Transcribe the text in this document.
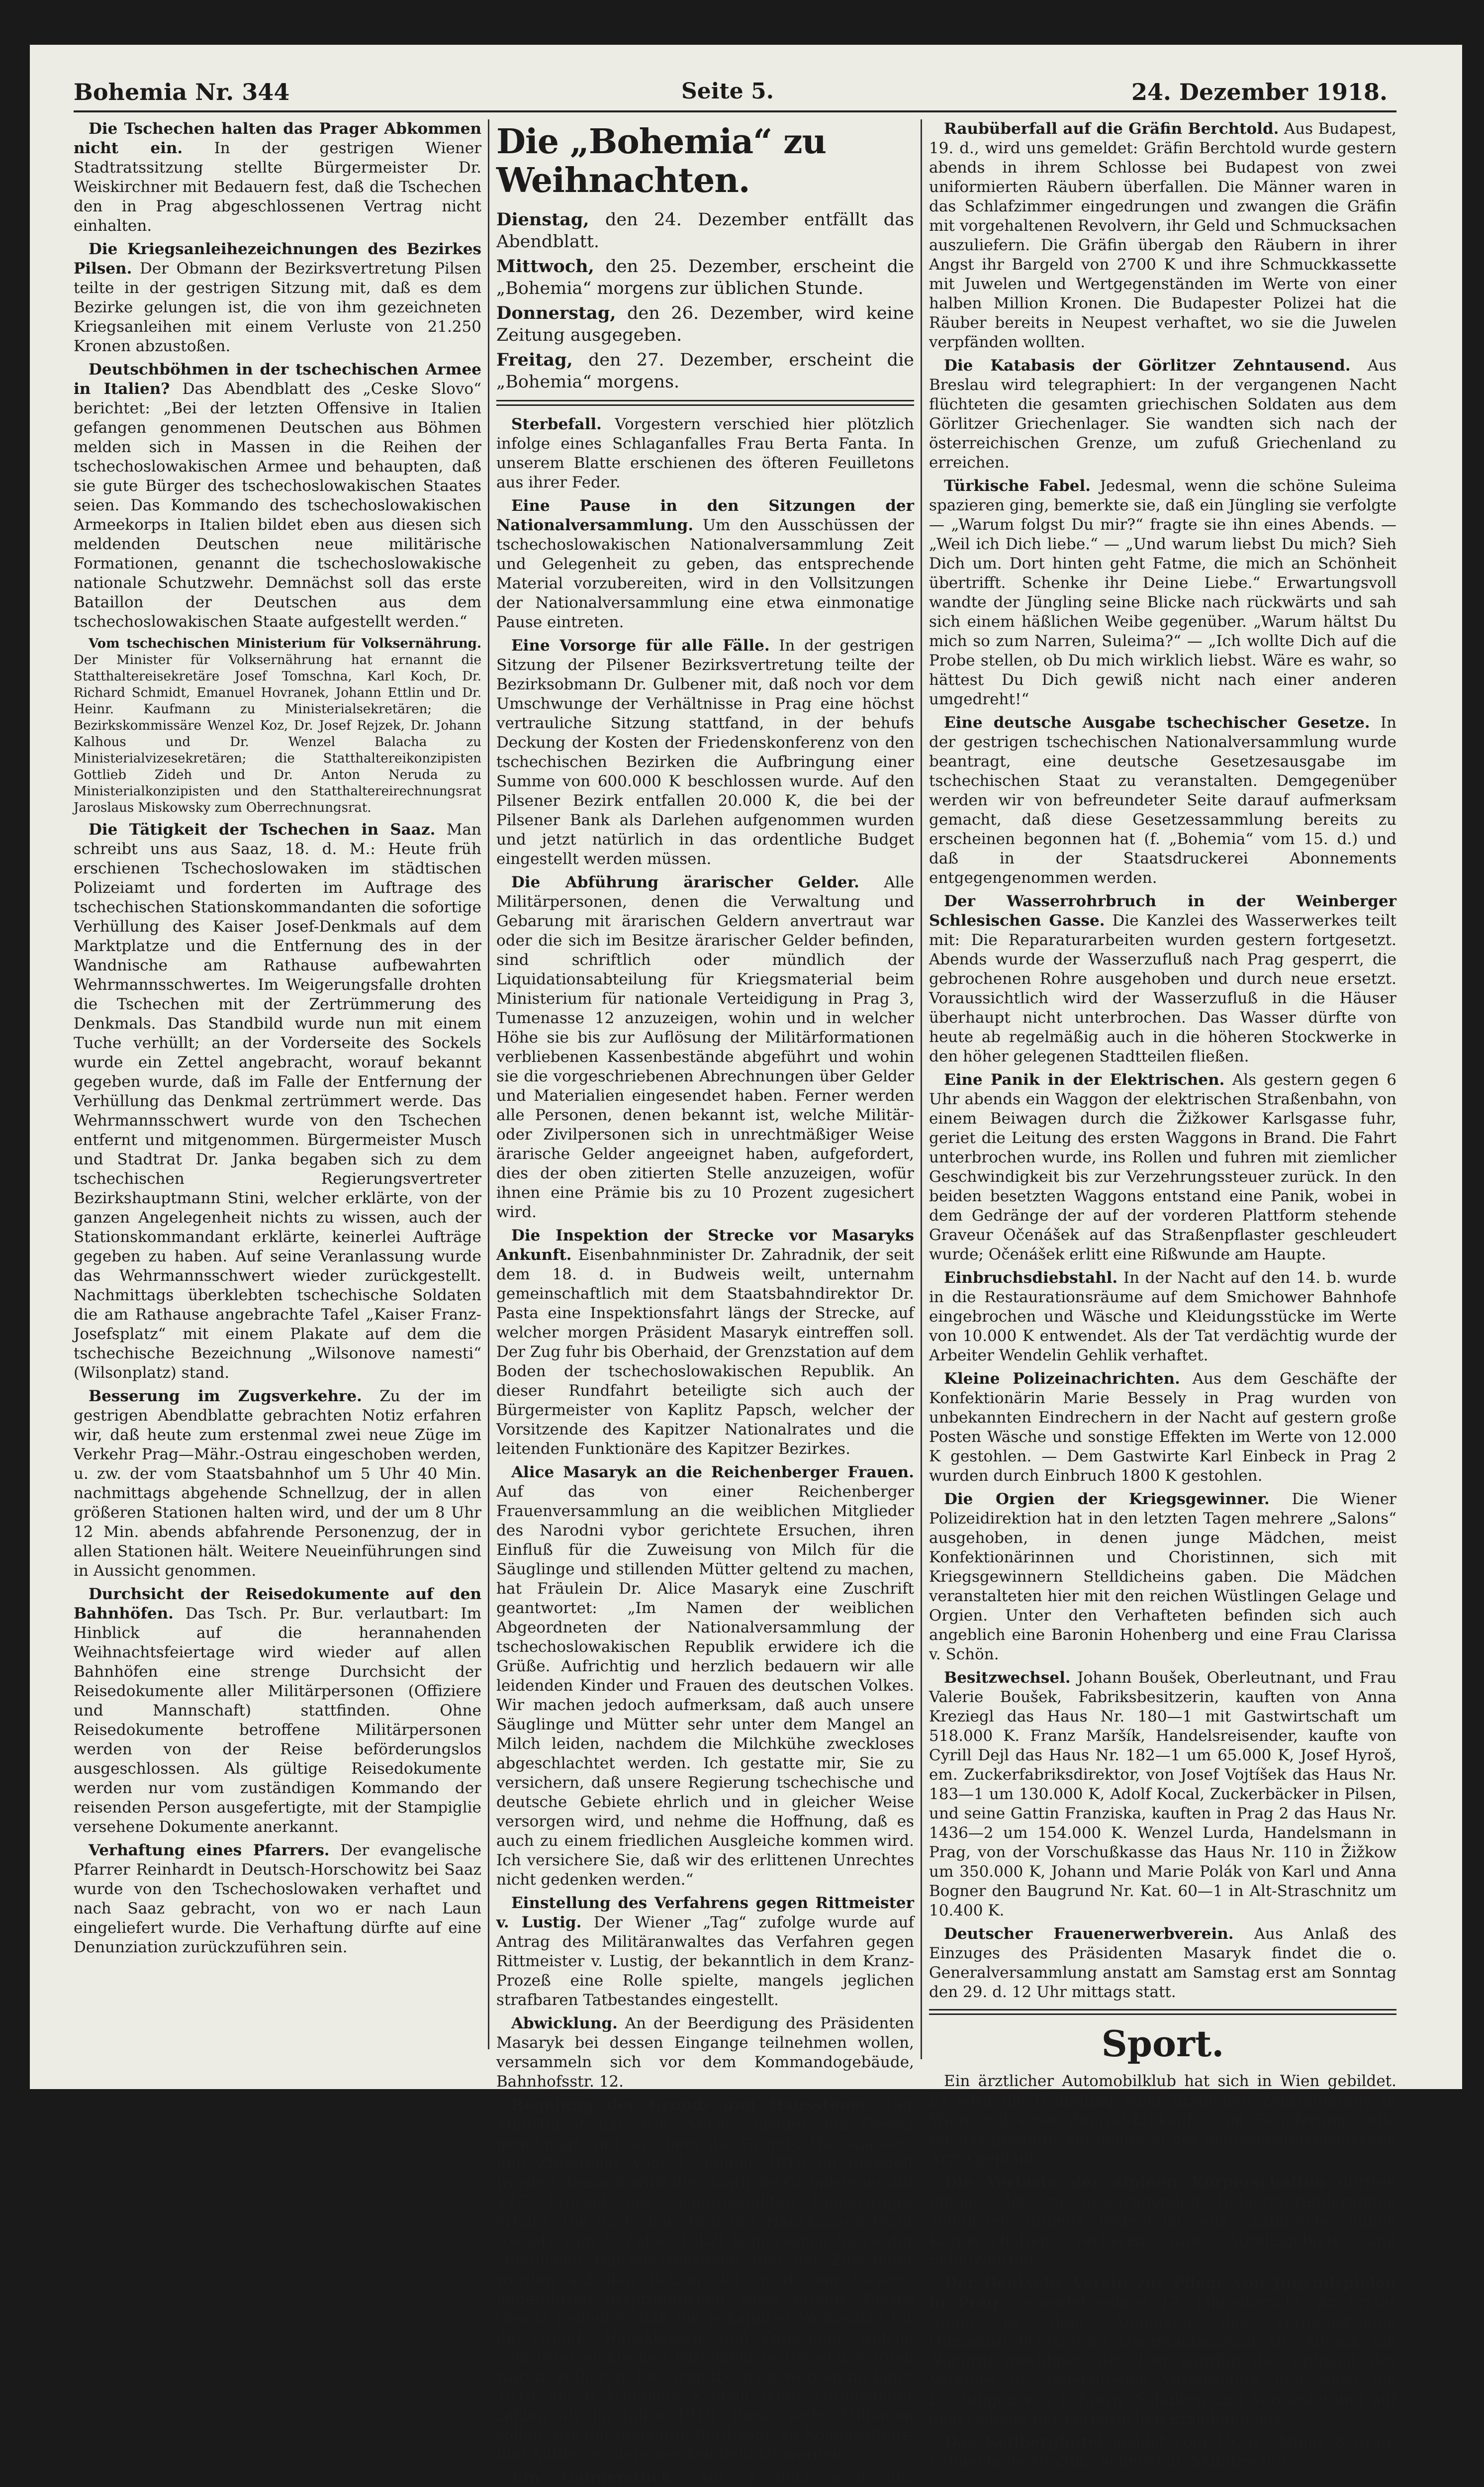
Bohemia Nr. 344	Seite 5.	24. Dezember 1918.

Die Tschechen halten das Prager Abkommen nicht ein. In der gestrigen Wiener Stadtratssitzung stellte Bürgermeister Dr. Weiskirchner mit Bedauern fest, daß die Tschechen den in Prag abgeschlossenen Vertrag nicht einhalten.

Die Kriegsanleihezeichnungen des Bezirkes Pilsen. Der Obmann der Bezirksvertretung Pilsen teilte in der gestrigen Sitzung mit, daß es dem Bezirke gelungen ist, die von ihm gezeichneten Kriegsanleihen mit einem Verluste von 21.250 Kronen abzustoßen.

Deutschböhmen in der tschechischen Armee in Italien? Das Abendblatt des „Ceske Slovo“ berichtet: „Bei der letzten Offensive in Italien gefangen genommenen Deutschen aus Böhmen melden sich in Massen in die Reihen der tschechoslowakischen Armee und behaupten, daß sie gute Bürger des tschechoslowakischen Staates seien. Das Kommando des tschechoslowakischen Armeekorps in Italien bildet eben aus diesen sich meldenden Deutschen neue militärische Formationen, genannt die tschechoslowakische nationale Schutzwehr. Demnächst soll das erste Bataillon der Deutschen aus dem tschechoslowakischen Staate aufgestellt werden.“

Vom tschechischen Ministerium für Volksernährung. Der Minister für Volksernährung hat ernannt die Statthaltereisekretäre Josef Tomschna, Karl Koch, Dr. Richard Schmidt, Emanuel Hovranek, Johann Ettlin und Dr. Heinr. Kaufmann zu Ministerialsekretären; die Bezirkskommissäre Wenzel Koz, Dr. Josef Rejzek, Dr. Johann Kalhous und Dr. Wenzel Balacha zu Ministerialvizesekretären; die Statthaltereikonzipisten Gottlieb Zideh und Dr. Anton Neruda zu Ministerialkonzipisten und den Statthaltereirechnungsrat Jaroslaus Miskowsky zum Oberrechnungsrat.

Die Tätigkeit der Tschechen in Saaz. Man schreibt uns aus Saaz, 18. d. M.: Heute früh erschienen Tschechoslowaken im städtischen Polizeiamt und forderten im Auftrage des tschechischen Stationskommandanten die sofortige Verhüllung des Kaiser Josef-Denkmals auf dem Marktplatze und die Entfernung des in der Wandnische am Rathause aufbewahrten Wehrmannsschwertes. Im Weigerungsfalle drohten die Tschechen mit der Zertrümmerung des Denkmals. Das Standbild wurde nun mit einem Tuche verhüllt; an der Vorderseite des Sockels wurde ein Zettel angebracht, worauf bekannt gegeben wurde, daß im Falle der Entfernung der Verhüllung das Denkmal zertrümmert werde. Das Wehrmannsschwert wurde von den Tschechen entfernt und mitgenommen. Bürgermeister Musch und Stadtrat Dr. Janka begaben sich zu dem tschechischen Regierungsvertreter Bezirkshauptmann Stini, welcher erklärte, von der ganzen Angelegenheit nichts zu wissen, auch der Stationskommandant erklärte, keinerlei Aufträge gegeben zu haben. Auf seine Veranlassung wurde das Wehrmannsschwert wieder zurückgestellt. Nachmittags überklebten tschechische Soldaten die am Rathause angebrachte Tafel „Kaiser Franz-Josefsplatz“ mit einem Plakate auf dem die tschechische Bezeichnung „Wilsonove namesti“ (Wilsonplatz) stand.

Besserung im Zugsverkehre. Zu der im gestrigen Abendblatte gebrachten Notiz erfahren wir, daß heute zum erstenmal zwei neue Züge im Verkehr Prag—Mähr.-Ostrau eingeschoben werden, u. zw. der vom Staatsbahnhof um 5 Uhr 40 Min. nachmittags abgehende Schnellzug, der in allen größeren Stationen halten wird, und der um 8 Uhr 12 Min. abends abfahrende Personenzug, der in allen Stationen hält. Weitere Neueinführungen sind in Aussicht genommen.

Durchsicht der Reisedokumente auf den Bahnhöfen. Das Tsch. Pr. Bur. verlautbart: Im Hinblick auf die herannahenden Weihnachtsfeiertage wird wieder auf allen Bahnhöfen eine strenge Durchsicht der Reisedokumente aller Militärpersonen (Offiziere und Mannschaft) stattfinden. Ohne Reisedokumente betroffene Militärpersonen werden von der Reise beförderungslos ausgeschlossen. Als gültige Reisedokumente werden nur vom zuständigen Kommando der reisenden Person ausgefertigte, mit der Stampiglie versehene Dokumente anerkannt.

Verhaftung eines Pfarrers. Der evangelische Pfarrer Reinhardt in Deutsch-Horschowitz bei Saaz wurde von den Tschechoslowaken verhaftet und nach Saaz gebracht, von wo er nach Laun eingeliefert wurde. Die Verhaftung dürfte auf eine Denunziation zurückzuführen sein.

Die „Bohemia“ zu Weihnachten.

Dienstag, den 24. Dezember entfällt das Abendblatt.

Mittwoch, den 25. Dezember, erscheint die „Bohemia“ morgens zur üblichen Stunde.

Donnerstag, den 26. Dezember, wird keine Zeitung ausgegeben.

Freitag, den 27. Dezember, erscheint die „Bohemia“ morgens.

Sterbefall. Vorgestern verschied hier plötzlich infolge eines Schlaganfalles Frau Berta Fanta. In unserem Blatte erschienen des öfteren Feuilletons aus ihrer Feder.

Eine Pause in den Sitzungen der Nationalversammlung. Um den Ausschüssen der tschechoslowakischen Nationalversammlung Zeit und Gelegenheit zu geben, das entsprechende Material vorzubereiten, wird in den Vollsitzungen der Nationalversammlung eine etwa einmonatige Pause eintreten.

Eine Vorsorge für alle Fälle. In der gestrigen Sitzung der Pilsener Bezirksvertretung teilte der Bezirksobmann Dr. Gulbener mit, daß noch vor dem Umschwunge der Verhältnisse in Prag eine höchst vertrauliche Sitzung stattfand, in der behufs Deckung der Kosten der Friedenskonferenz von den tschechischen Bezirken die Aufbringung einer Summe von 600.000 K beschlossen wurde. Auf den Pilsener Bezirk entfallen 20.000 K, die bei der Pilsener Bank als Darlehen aufgenommen wurden und jetzt natürlich in das ordentliche Budget eingestellt werden müssen.

Die Abführung ärarischer Gelder. Alle Militärpersonen, denen die Verwaltung und Gebarung mit ärarischen Geldern anvertraut war oder die sich im Besitze ärarischer Gelder befinden, sind schriftlich oder mündlich der Liquidationsabteilung für Kriegsmaterial beim Ministerium für nationale Verteidigung in Prag 3, Tumenasse 12 anzuzeigen, wohin und in welcher Höhe sie bis zur Auflösung der Militärformationen verbliebenen Kassenbestände abgeführt und wohin sie die vorgeschriebenen Abrechnungen über Gelder und Materialien eingesendet haben. Ferner werden alle Personen, denen bekannt ist, welche Militär- oder Zivilpersonen sich in unrechtmäßiger Weise ärarische Gelder angeeignet haben, aufgefordert, dies der oben zitierten Stelle anzuzeigen, wofür ihnen eine Prämie bis zu 10 Prozent zugesichert wird.

Die Inspektion der Strecke vor Masaryks Ankunft. Eisenbahnminister Dr. Zahradnik, der seit dem 18. d. in Budweis weilt, unternahm gemeinschaftlich mit dem Staatsbahndirektor Dr. Pasta eine Inspektionsfahrt längs der Strecke, auf welcher morgen Präsident Masaryk eintreffen soll. Der Zug fuhr bis Oberhaid, der Grenzstation auf dem Boden der tschechoslowakischen Republik. An dieser Rundfahrt beteiligte sich auch der Bürgermeister von Kaplitz Papsch, welcher der Vorsitzende des Kapitzer Nationalrates und die leitenden Funktionäre des Kapitzer Bezirkes.

Alice Masaryk an die Reichenberger Frauen. Auf das von einer Reichenberger Frauenversammlung an die weiblichen Mitglieder des Narodni vybor gerichtete Ersuchen, ihren Einfluß für die Zuweisung von Milch für die Säuglinge und stillenden Mütter geltend zu machen, hat Fräulein Dr. Alice Masaryk eine Zuschrift geantwortet: „Im Namen der weiblichen Abgeordneten der Nationalversammlung der tschechoslowakischen Republik erwidere ich die Grüße. Aufrichtig und herzlich bedauern wir alle leidenden Kinder und Frauen des deutschen Volkes. Wir machen jedoch aufmerksam, daß auch unsere Säuglinge und Mütter sehr unter dem Mangel an Milch leiden, nachdem die Milchkühe zweckloses abgeschlachtet werden. Ich gestatte mir, Sie zu versichern, daß unsere Regierung tschechische und deutsche Gebiete ehrlich und in gleicher Weise versorgen wird, und nehme die Hoffnung, daß es auch zu einem friedlichen Ausgleiche kommen wird. Ich versichere Sie, daß wir des erlittenen Unrechtes nicht gedenken werden.“

Einstellung des Verfahrens gegen Rittmeister v. Lustig. Der Wiener „Tag“ zufolge wurde auf Antrag des Militäranwaltes das Verfahren gegen Rittmeister v. Lustig, der bekanntlich in dem Kranz-Prozeß eine Rolle spielte, mangels jeglichen strafbaren Tatbestandes eingestellt.

Abwicklung. An der Beerdigung des Präsidenten Masaryk bei dessen Eingange teilnehmen wollen, versammeln sich vor dem Kommandogebäude, Bahnhofsstr. 12.

Regelung der Grund- und Haussteuer. Der Ministerrat hat, wie „Večer“ meldet, ein Gesetz genehmigt, mit welchem die Grund-, Hausklassen- und Zinssteuer vom 1. Jänner 1919 an geregelt werden. Danach wird die staatliche Grundsteuer auf 22,7 Prozent des sichergestellten Reinertrages erhöht. Die nach dem Tarif der Hausklassensteuer (Gesetz vom 9. Feber 1882) bemessenen Sätze der staatlichen Hausklassensteuer und der Zinssteuer werden auf den Betrag der in diesem Gesetze angeführten ursprünglichen Sätze erhöht. Dieses Gesetz bedeutet, daß die bekannten Wohnsätze für die Grund-, Hausklassen- und Zinssteuer, welche vom österreichischen Parlament festgesetzt worden waren, aufhören. Die Grundbesitzer werden im Jahre 1919 um 6 Millionen Kronen mehr Grundsteuer zahlen als im Jahre 1918. Diese sechs Millionen sollen, wie der genannte Blatt sagt, zu Kolonisations- und Aufbesserungszwecken benützt werden.

Ein Gaunerstück. Aus Kreibitz wird uns

Raubüberfall auf die Gräfin Berchtold. Aus Budapest, 19. d., wird uns gemeldet: Gräfin Berchtold wurde gestern abends in ihrem Schlosse bei Budapest von zwei uniformierten Räubern überfallen. Die Männer waren in das Schlafzimmer eingedrungen und zwangen die Gräfin mit vorgehaltenen Revolvern, ihr Geld und Schmucksachen auszuliefern. Die Gräfin übergab den Räubern in ihrer Angst ihr Bargeld von 2700 K und ihre Schmuckkassette mit Juwelen und Wertgegenständen im Werte von einer halben Million Kronen. Die Budapester Polizei hat die Räuber bereits in Neupest verhaftet, wo sie die Juwelen verpfänden wollten.

Die Katabasis der Görlitzer Zehntausend. Aus Breslau wird telegraphiert: In der vergangenen Nacht flüchteten die gesamten griechischen Soldaten aus dem Görlitzer Griechenlager. Sie wandten sich nach der österreichischen Grenze, um zufuß Griechenland zu erreichen.

Türkische Fabel. Jedesmal, wenn die schöne Suleima spazieren ging, bemerkte sie, daß ein Jüngling sie verfolgte — „Warum folgst Du mir?“ fragte sie ihn eines Abends. — „Weil ich Dich liebe.“ — „Und warum liebst Du mich? Sieh Dich um. Dort hinten geht Fatme, die mich an Schönheit übertrifft. Schenke ihr Deine Liebe.“ Erwartungsvoll wandte der Jüngling seine Blicke nach rückwärts und sah sich einem häßlichen Weibe gegenüber. „Warum hältst Du mich so zum Narren, Suleima?“ — „Ich wollte Dich auf die Probe stellen, ob Du mich wirklich liebst. Wäre es wahr, so hättest Du Dich gewiß nicht nach einer anderen umgedreht!“

Eine deutsche Ausgabe tschechischer Gesetze. In der gestrigen tschechischen Nationalversammlung wurde beantragt, eine deutsche Gesetzesausgabe im tschechischen Staat zu veranstalten. Demgegenüber werden wir von befreundeter Seite darauf aufmerksam gemacht, daß diese Gesetzessammlung bereits zu erscheinen begonnen hat (f. „Bohemia“ vom 15. d.) und daß in der Staatsdruckerei Abonnements entgegengenommen werden.

Der Wasserrohrbruch in der Weinberger Schlesischen Gasse. Die Kanzlei des Wasserwerkes teilt mit: Die Reparaturarbeiten wurden gestern fortgesetzt. Abends wurde der Wasserzufluß nach Prag gesperrt, die gebrochenen Rohre ausgehoben und durch neue ersetzt. Voraussichtlich wird der Wasserzufluß in die Häuser überhaupt nicht unterbrochen. Das Wasser dürfte von heute ab regelmäßig auch in die höheren Stockwerke in den höher gelegenen Stadtteilen fließen.

Eine Panik in der Elektrischen. Als gestern gegen 6 Uhr abends ein Waggon der elektrischen Straßenbahn, von einem Beiwagen durch die Žižkower Karlsgasse fuhr, geriet die Leitung des ersten Waggons in Brand. Die Fahrt unterbrochen wurde, ins Rollen und fuhren mit ziemlicher Geschwindigkeit bis zur Verzehrungssteuer zurück. In den beiden besetzten Waggons entstand eine Panik, wobei in dem Gedränge der auf der vorderen Plattform stehende Graveur Očenášek auf das Straßenpflaster geschleudert wurde; Očenášek erlitt eine Rißwunde am Haupte.

Einbruchsdiebstahl. In der Nacht auf den 14. b. wurde in die Restaurationsräume auf dem Smichower Bahnhofe eingebrochen und Wäsche und Kleidungsstücke im Werte von 10.000 K entwendet. Als der Tat verdächtig wurde der Arbeiter Wendelin Gehlik verhaftet.

Kleine Polizeinachrichten. Aus dem Geschäfte der Konfektionärin Marie Bessely in Prag wurden von unbekannten Eindrechern in der Nacht auf gestern große Posten Wäsche und sonstige Effekten im Werte von 12.000 K gestohlen. — Dem Gastwirte Karl Einbeck in Prag 2 wurden durch Einbruch 1800 K gestohlen.

Die Orgien der Kriegsgewinner. Die Wiener Polizeidirektion hat in den letzten Tagen mehrere „Salons“ ausgehoben, in denen junge Mädchen, meist Konfektionärinnen und Choristinnen, sich mit Kriegsgewinnern Stelldicheins gaben. Die Mädchen veranstalteten hier mit den reichen Wüstlingen Gelage und Orgien. Unter den Verhafteten befinden sich auch angeblich eine Baronin Hohenberg und eine Frau Clarissa v. Schön.

Besitzwechsel. Johann Boušek, Oberleutnant, und Frau Valerie Boušek, Fabriksbesitzerin, kauften von Anna Kreziegl das Haus Nr. 180—1 mit Gastwirtschaft um 518.000 K. Franz Maršík, Handelsreisender, kaufte von Cyrill Dejl das Haus Nr. 182—1 um 65.000 K, Josef Hyroš, em. Zuckerfabriksdirektor, von Josef Vojtíšek das Haus Nr. 183—1 um 130.000 K, Adolf Kocal, Zuckerbäcker in Pilsen, und seine Gattin Franziska, kauften in Prag 2 das Haus Nr. 1436—2 um 154.000 K. Wenzel Lurda, Handelsmann in Prag, von der Vorschußkasse das Haus Nr. 110 in Žižkow um 350.000 K, Johann und Marie Polák von Karl und Anna Bogner den Baugrund Nr. Kat. 60—1 in Alt-Straschnitz um 10.400 K.

Deutscher Frauenerwerbverein. Aus Anlaß des Einzuges des Präsidenten Masaryk findet die o. Generalversammlung anstatt am Samstag erst am Sonntag den 29. d. 12 Uhr mittags statt.

Sport.

Ein ärztlicher Automobilklub hat sich in Wien gebildet. Es wird die Gründung einer ärztlichen Zentralgarage in Wien und einer Zentral-Einkaufs- und Belieferungsstelle für das gesamte Automaterial der deutschösterreichischen Ärzte geplant.

Die Verluste der alpinen Körperschaften dürften infolge der zu gewärtigenden Gebietsveränderungen zugunsten Italiens bedeutend sein. Zahlreiche alpine Körperschaften verlieren ihre Arbeitsgebiete und Schutzhütten.

Der Deutsche Verein zur Pflege von Jugendspielen in Prag versendet seinen 17. Jahresbericht. An erster Stelle ist dem Andenken des verdienstvollen Obmannstellvertreters Oberstaatsanwalt Dr. Allesch ein Nachruf gewidmet; der Text würdigt die Tätigkeit des Vereines im abgelaufenen Vereinsjahre und weist die Leistungen von Lehrern, Schülern und Vereinsleitung auf dem Gebiete der körperlichen Erziehung aus.

Das Keilberghotel meldet vom 19. d.: Minus 8 Grad, Schneehöhe 40 Zim., Schneefall, Skifähre gut.
